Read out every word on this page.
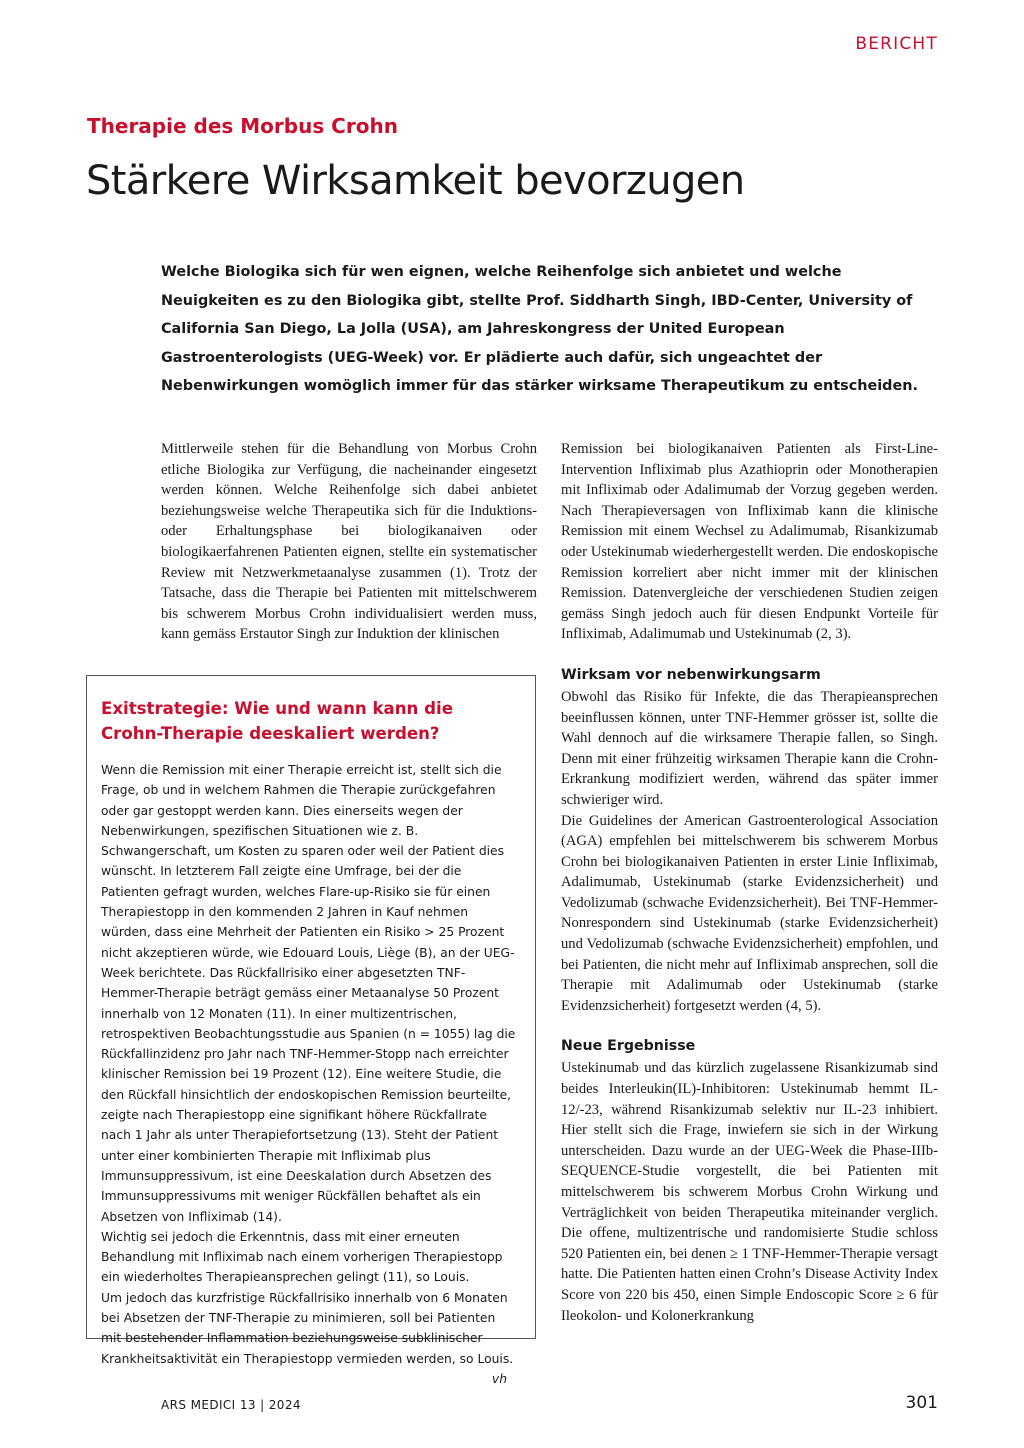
BERICHT
Therapie des Morbus Crohn
Stärkere Wirksamkeit bevorzugen

Welche Biologika sich für wen eignen, welche Reihenfolge sich anbietet und welche Neuigkeiten es zu den Biologika gibt, stellte Prof. Siddharth Singh, IBD-Center, University of California San Diego, La Jolla (USA), am Jahreskongress der United European Gastroenterologists (UEG-Week) vor. Er plädierte auch dafür, sich ungeachtet der Nebenwirkungen womöglich immer für das stärker wirksame Therapeutikum zu entscheiden.

Mittlerweile stehen für die Behandlung von Morbus Crohn etliche Biologika zur Verfügung, die nacheinander eingesetzt werden können. Welche Reihenfolge sich dabei anbietet beziehungsweise welche Therapeutika sich für die Induktions- oder Erhaltungsphase bei biologikanaiven oder biologikaerfahrenen Patienten eignen, stellte ein systematischer Review mit Netzwerkmetaanalyse zusammen (1). Trotz der Tatsache, dass die Therapie bei Patienten mit mittelschwerem bis schwerem Morbus Crohn individualisiert werden muss, kann gemäss Erstautor Singh zur Induktion der klinischen

Exitstrategie: Wie und wann kann die Crohn-Therapie deeskaliert werden?

Wenn die Remission mit einer Therapie erreicht ist, stellt sich die Frage, ob und in welchem Rahmen die Therapie zurückgefahren oder gar gestoppt werden kann. Dies einerseits wegen der Nebenwirkungen, spezifischen Situationen wie z. B. Schwangerschaft, um Kosten zu sparen oder weil der Patient dies wünscht. In letzterem Fall zeigte eine Umfrage, bei der die Patienten gefragt wurden, welches Flare-up-Risiko sie für einen Therapiestopp in den kommenden 2 Jahren in Kauf nehmen würden, dass eine Mehrheit der Patienten ein Risiko > 25 Prozent nicht akzeptieren würde, wie Edouard Louis, Liège (B), an der UEG-Week berichtete. Das Rückfallrisiko einer abgesetzten TNF-Hemmer-Therapie beträgt gemäss einer Metaanalyse 50 Prozent innerhalb von 12 Monaten (11). In einer multizentrischen, retrospektiven Beobachtungsstudie aus Spanien (n = 1055) lag die Rückfallinzidenz pro Jahr nach TNF-Hemmer-Stopp nach erreichter klinischer Remission bei 19 Prozent (12). Eine weitere Studie, die den Rückfall hinsichtlich der endoskopischen Remission beurteilte, zeigte nach Therapiestopp eine signifikant höhere Rückfallrate nach 1 Jahr als unter Therapiefortsetzung (13). Steht der Patient unter einer kombinierten Therapie mit Infliximab plus Immunsuppressivum, ist eine Deeskalation durch Absetzen des Immunsuppressivums mit weniger Rückfällen behaftet als ein Absetzen von Infliximab (14).

Wichtig sei jedoch die Erkenntnis, dass mit einer erneuten Behandlung mit Infliximab nach einem vorherigen Therapiestopp ein wiederholtes Therapieansprechen gelingt (11), so Louis.

Um jedoch das kurzfristige Rückfallrisiko innerhalb von 6 Monaten bei Absetzen der TNF-Therapie zu minimieren, soll bei Patienten mit bestehender Inflammation beziehungsweise subklinischer Krankheitsaktivität ein Therapiestopp vermieden werden, so Louis.
vh

Remission bei biologikanaiven Patienten als First-Line-Intervention Infliximab plus Azathioprin oder Monotherapien mit Infliximab oder Adalimumab der Vorzug gegeben werden. Nach Therapieversagen von Infliximab kann die klinische Remission mit einem Wechsel zu Adalimumab, Risankizumab oder Ustekinumab wiederhergestellt werden. Die endoskopische Remission korreliert aber nicht immer mit der klinischen Remission. Datenvergleiche der verschiedenen Studien zeigen gemäss Singh jedoch auch für diesen Endpunkt Vorteile für Infliximab, Adalimumab und Ustekinumab (2, 3).

Wirksam vor nebenwirkungsarm

Obwohl das Risiko für Infekte, die das Therapieansprechen beeinflussen können, unter TNF-Hemmer grösser ist, sollte die Wahl dennoch auf die wirksamere Therapie fallen, so Singh. Denn mit einer frühzeitig wirksamen Therapie kann die Crohn-Erkrankung modifiziert werden, während das später immer schwieriger wird.

Die Guidelines der American Gastroenterological Association (AGA) empfehlen bei mittelschwerem bis schwerem Morbus Crohn bei biologikanaiven Patienten in erster Linie Infliximab, Adalimumab, Ustekinumab (starke Evidenzsicherheit) und Vedolizumab (schwache Evidenzsicherheit). Bei TNF-Hemmer-Nonrespondern sind Ustekinumab (starke Evidenzsicherheit) und Vedolizumab (schwache Evidenzsicherheit) empfohlen, und bei Patienten, die nicht mehr auf Infliximab ansprechen, soll die Therapie mit Adalimumab oder Ustekinumab (starke Evidenzsicherheit) fortgesetzt werden (4, 5).

Neue Ergebnisse

Ustekinumab und das kürzlich zugelassene Risankizumab sind beides Interleukin(IL)-Inhibitoren: Ustekinumab hemmt IL-12/-23, während Risankizumab selektiv nur IL-23 inhibiert. Hier stellt sich die Frage, inwiefern sie sich in der Wirkung unterscheiden. Dazu wurde an der UEG-Week die Phase-IIIb-SEQUENCE-Studie vorgestellt, die bei Patienten mit mittelschwerem bis schwerem Morbus Crohn Wirkung und Verträglichkeit von beiden Therapeutika miteinander verglich. Die offene, multizentrische und randomisierte Studie schloss 520 Patienten ein, bei denen ≥ 1 TNF-Hemmer-Therapie versagt hatte. Die Patienten hatten einen Crohn’s Disease Activity Index Score von 220 bis 450, einen Simple Endoscopic Score ≥ 6 für Ileokolon- und Kolonerkrankung

ARS MEDICI 13 | 2024	301
